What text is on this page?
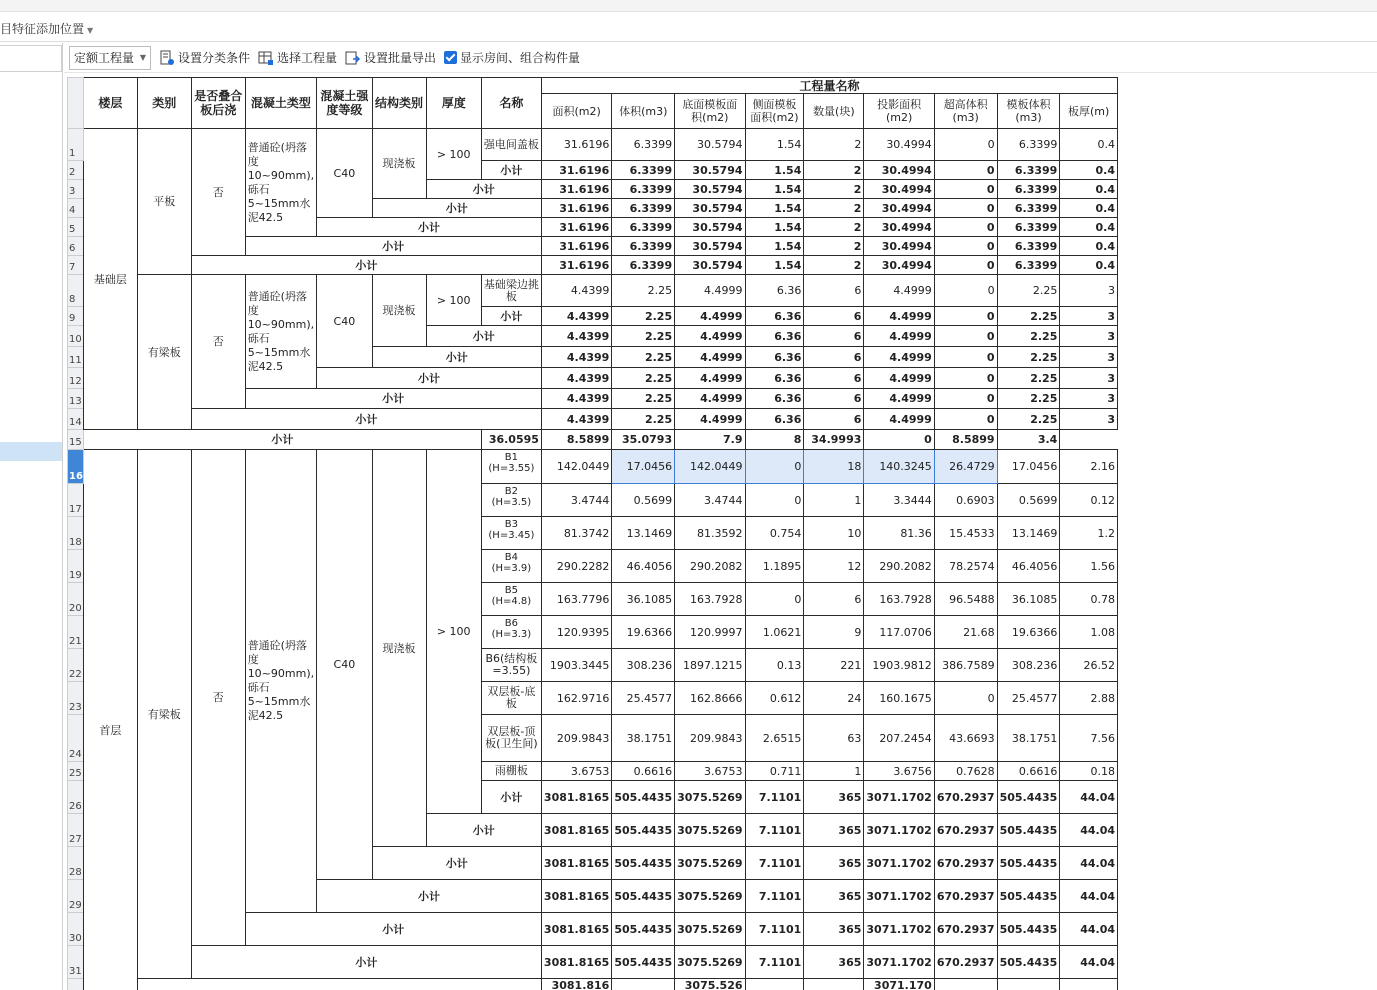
目特征添加位置 ▼
定额工程量 ▼	设置分类条件 选择工程量 设置批量导出 显示房间、组合构件量
	楼层	类别	是否叠合板后浇	混凝土类型	混凝土强度等级	结构类别	厚度	名称	工程量名称								
									面积(m2)	体积(m3)	底面模板面积(m2)	侧面模板面积(m2)	数量(块)	投影面积(m2)	超高体积(m3)	模板体积(m3)	板厚(m)
1	基础层	平板	否	普通砼(坍落度10~90mm),砾石5~15mm水泥42.5	C40	现浇板	> 100	强电间盖板	31.6196	6.3399	30.5794	1.54	2	30.4994	0	6.3399	0.4
2								小计	31.6196	6.3399	30.5794	1.54	2	30.4994	0	6.3399	0.4
3							小计		31.6196	6.3399	30.5794	1.54	2	30.4994	0	6.3399	0.4
4						小计			31.6196	6.3399	30.5794	1.54	2	30.4994	0	6.3399	0.4
5					小计				31.6196	6.3399	30.5794	1.54	2	30.4994	0	6.3399	0.4
6				小计					31.6196	6.3399	30.5794	1.54	2	30.4994	0	6.3399	0.4
7			小计						31.6196	6.3399	30.5794	1.54	2	30.4994	0	6.3399	0.4
8		有梁板	否	普通砼(坍落度10~90mm),砾石5~15mm水泥42.5	C40	现浇板	> 100	基础梁边挑板	4.4399	2.25	4.4999	6.36	6	4.4999	0	2.25	3
9								小计	4.4399	2.25	4.4999	6.36	6	4.4999	0	2.25	3
10							小计		4.4399	2.25	4.4999	6.36	6	4.4999	0	2.25	3
11						小计			4.4399	2.25	4.4999	6.36	6	4.4999	0	2.25	3
12					小计				4.4399	2.25	4.4999	6.36	6	4.4999	0	2.25	3
13				小计					4.4399	2.25	4.4999	6.36	6	4.4999	0	2.25	3
14			小计						4.4399	2.25	4.4999	6.36	6	4.4999	0	2.25	3
15	小计							36.0595	8.5899	35.0793	7.9	8	34.9993	0	8.5899	3.4	
16	首层	有梁板	否	普通砼(坍落度10~90mm),砾石5~15mm水泥42.5	C40	现浇板	> 100	B1 (H=3.55)	142.0449	17.0456	142.0449	0	18	140.3245	26.4729	17.0456	2.16
17								B2 (H=3.5)	3.4744	0.5699	3.4744	0	1	3.3444	0.6903	0.5699	0.12
18								B3 (H=3.45)	81.3742	13.1469	81.3592	0.754	10	81.36	15.4533	13.1469	1.2
19								B4 (H=3.9)	290.2282	46.4056	290.2082	1.1895	12	290.2082	78.2574	46.4056	1.56
20								B5 (H=4.8)	163.7796	36.1085	163.7928	0	6	163.7928	96.5488	36.1085	0.78
21								B6 (H=3.3)	120.9395	19.6366	120.9997	1.0621	9	117.0706	21.68	19.6366	1.08
22								B6(结构板=3.55)	1903.3445	308.236	1897.1215	0.13	221	1903.9812	386.7589	308.236	26.52
23								双层板-底板	162.9716	25.4577	162.8666	0.612	24	160.1675	0	25.4577	2.88
24								双层板-顶板(卫生间)	209.9843	38.1751	209.9843	2.6515	63	207.2454	43.6693	38.1751	7.56
25								雨棚板	3.6753	0.6616	3.6753	0.711	1	3.6756	0.7628	0.6616	0.18
26								小计	3081.8165	505.4435	3075.5269	7.1101	365	3071.1702	670.2937	505.4435	44.04
27							小计		3081.8165	505.4435	3075.5269	7.1101	365	3071.1702	670.2937	505.4435	44.04
28						小计			3081.8165	505.4435	3075.5269	7.1101	365	3071.1702	670.2937	505.4435	44.04
29					小计				3081.8165	505.4435	3075.5269	7.1101	365	3071.1702	670.2937	505.4435	44.04
30				小计					3081.8165	505.4435	3075.5269	7.1101	365	3071.1702	670.2937	505.4435	44.04
31			小计						3081.8165	505.4435	3075.5269	7.1101	365	3071.1702	670.2937	505.4435	44.04
									3081.816		3075.526			3071.170			
